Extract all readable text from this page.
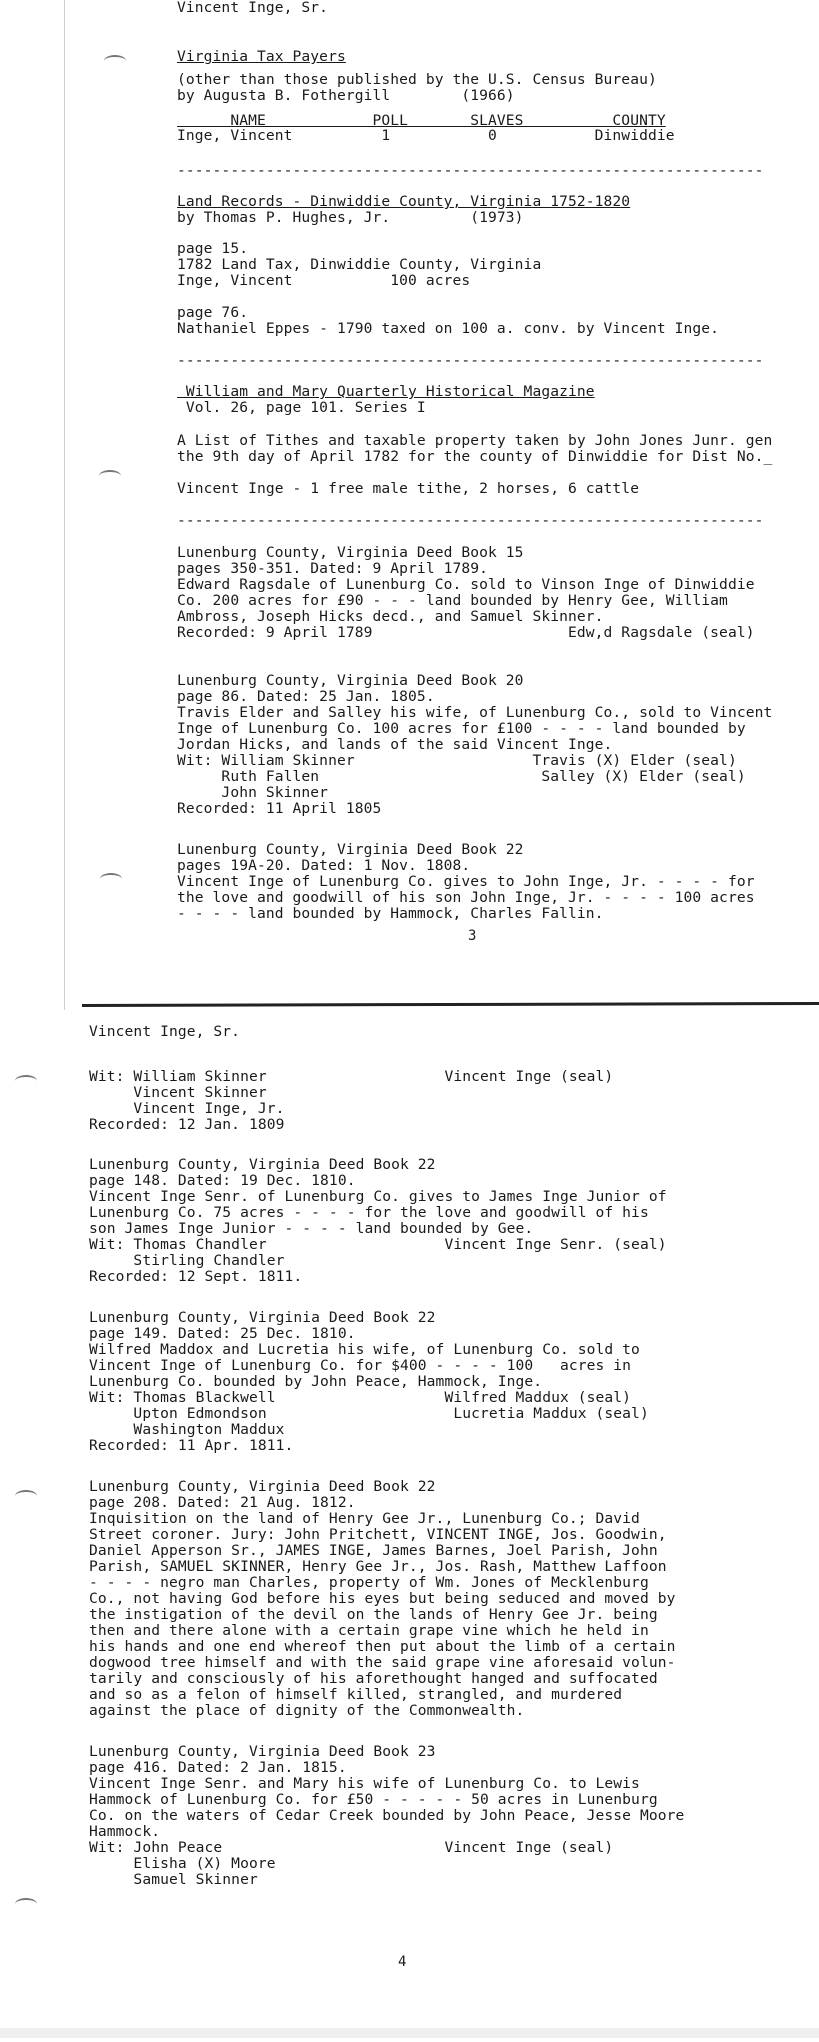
Vincent Inge, Sr.
Virginia Tax Payers
(other than those published by the U.S. Census Bureau)
by Augusta B. Fothergill        (1966)
NAME            POLL       SLAVES          COUNTY
Inge, Vincent          1           0           Dinwiddie
------------------------------------------------------------------
Land Records - Dinwiddie County, Virginia 1752-1820
by Thomas P. Hughes, Jr.         (1973)
page 15.
1782 Land Tax, Dinwiddie County, Virginia
Inge, Vincent           100 acres
page 76.
Nathaniel Eppes - 1790 taxed on 100 a. conv. by Vincent Inge.
------------------------------------------------------------------
William and Mary Quarterly Historical Magazine
Vol. 26, page 101. Series I
A List of Tithes and taxable property taken by John Jones Junr. gen
the 9th day of April 1782 for the county of Dinwiddie for Dist No._
Vincent Inge - 1 free male tithe, 2 horses, 6 cattle
------------------------------------------------------------------
Lunenburg County, Virginia Deed Book 15
pages 350-351. Dated: 9 April 1789.
Edward Ragsdale of Lunenburg Co. sold to Vinson Inge of Dinwiddie
Co. 200 acres for £90 - - - land bounded by Henry Gee, William
Ambross, Joseph Hicks decd., and Samuel Skinner.
Recorded: 9 April 1789                      Edw,d Ragsdale (seal)
Lunenburg County, Virginia Deed Book 20
page 86. Dated: 25 Jan. 1805.
Travis Elder and Salley his wife, of Lunenburg Co., sold to Vincent
Inge of Lunenburg Co. 100 acres for £100 - - - - land bounded by
Jordan Hicks, and lands of the said Vincent Inge.
Wit: William Skinner                    Travis (X) Elder (seal)
Ruth Fallen                         Salley (X) Elder (seal)
John Skinner
Recorded: 11 April 1805
Lunenburg County, Virginia Deed Book 22
pages 19A-20. Dated: 1 Nov. 1808.
Vincent Inge of Lunenburg Co. gives to John Inge, Jr. - - - - for
the love and goodwill of his son John Inge, Jr. - - - - 100 acres
- - - - land bounded by Hammock, Charles Fallin.
3
Vincent Inge, Sr.
Wit: William Skinner                    Vincent Inge (seal)
Vincent Skinner
Vincent Inge, Jr.
Recorded: 12 Jan. 1809
Lunenburg County, Virginia Deed Book 22
page 148. Dated: 19 Dec. 1810.
Vincent Inge Senr. of Lunenburg Co. gives to James Inge Junior of
Lunenburg Co. 75 acres - - - - for the love and goodwill of his
son James Inge Junior - - - - land bounded by Gee.
Wit: Thomas Chandler                    Vincent Inge Senr. (seal)
Stirling Chandler
Recorded: 12 Sept. 1811.
Lunenburg County, Virginia Deed Book 22
page 149. Dated: 25 Dec. 1810.
Wilfred Maddox and Lucretia his wife, of Lunenburg Co. sold to
Vincent Inge of Lunenburg Co. for $400 - - - - 100   acres in
Lunenburg Co. bounded by John Peace, Hammock, Inge.
Wit: Thomas Blackwell                   Wilfred Maddux (seal)
Upton Edmondson                     Lucretia Maddux (seal)
Washington Maddux
Recorded: 11 Apr. 1811.
Lunenburg County, Virginia Deed Book 22
page 208. Dated: 21 Aug. 1812.
Inquisition on the land of Henry Gee Jr., Lunenburg Co.; David
Street coroner. Jury: John Pritchett, VINCENT INGE, Jos. Goodwin,
Daniel Apperson Sr., JAMES INGE, James Barnes, Joel Parish, John
Parish, SAMUEL SKINNER, Henry Gee Jr., Jos. Rash, Matthew Laffoon
- - - - negro man Charles, property of Wm. Jones of Mecklenburg
Co., not having God before his eyes but being seduced and moved by
the instigation of the devil on the lands of Henry Gee Jr. being
then and there alone with a certain grape vine which he held in
his hands and one end whereof then put about the limb of a certain
dogwood tree himself and with the said grape vine aforesaid volun-
tarily and consciously of his aforethought hanged and suffocated
and so as a felon of himself killed, strangled, and murdered
against the place of dignity of the Commonwealth.
Lunenburg County, Virginia Deed Book 23
page 416. Dated: 2 Jan. 1815.
Vincent Inge Senr. and Mary his wife of Lunenburg Co. to Lewis
Hammock of Lunenburg Co. for £50 - - - - - 50 acres in Lunenburg
Co. on the waters of Cedar Creek bounded by John Peace, Jesse Moore
Hammock.
Wit: John Peace                         Vincent Inge (seal)
Elisha (X) Moore
Samuel Skinner
4
